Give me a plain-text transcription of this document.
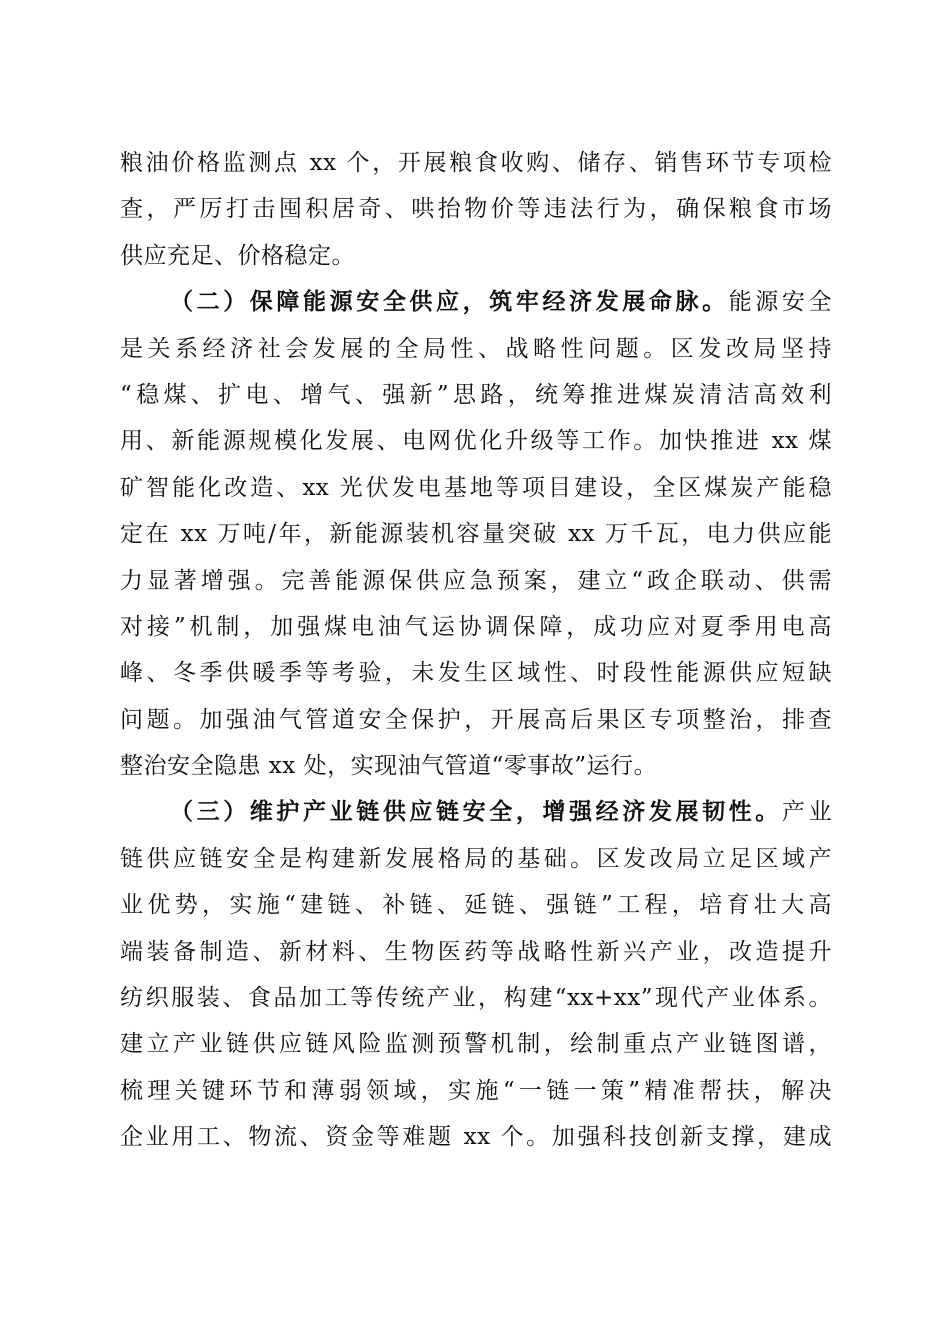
粮油价格监测点 xx 个，开展粮食收购、储存、销售环节专项检
查，严厉打击囤积居奇、哄抬物价等违法行为，确保粮食市场
供应充足、价格稳定。
（二）保障能源安全供应，筑牢经济发展命脉。能源安全
是关系经济社会发展的全局性、战略性问题。区发改局坚持
“稳煤、扩电、增气、强新”思路，统筹推进煤炭清洁高效利
用、新能源规模化发展、电网优化升级等工作。加快推进 xx 煤
矿智能化改造、xx 光伏发电基地等项目建设，全区煤炭产能稳
定在 xx 万吨/年，新能源装机容量突破 xx 万千瓦，电力供应能
力显著增强。完善能源保供应急预案，建立“政企联动、供需
对接”机制，加强煤电油气运协调保障，成功应对夏季用电高
峰、冬季供暖季等考验，未发生区域性、时段性能源供应短缺
问题。加强油气管道安全保护，开展高后果区专项整治，排查
整治安全隐患 xx 处，实现油气管道“零事故”运行。
（三）维护产业链供应链安全，增强经济发展韧性。产业
链供应链安全是构建新发展格局的基础。区发改局立足区域产
业优势，实施“建链、补链、延链、强链”工程，培育壮大高
端装备制造、新材料、生物医药等战略性新兴产业，改造提升
纺织服装、食品加工等传统产业，构建“xx+xx”现代产业体系。
建立产业链供应链风险监测预警机制，绘制重点产业链图谱，
梳理关键环节和薄弱领域，实施“一链一策”精准帮扶，解决
企业用工、物流、资金等难题 xx 个。加强科技创新支撑，建成
